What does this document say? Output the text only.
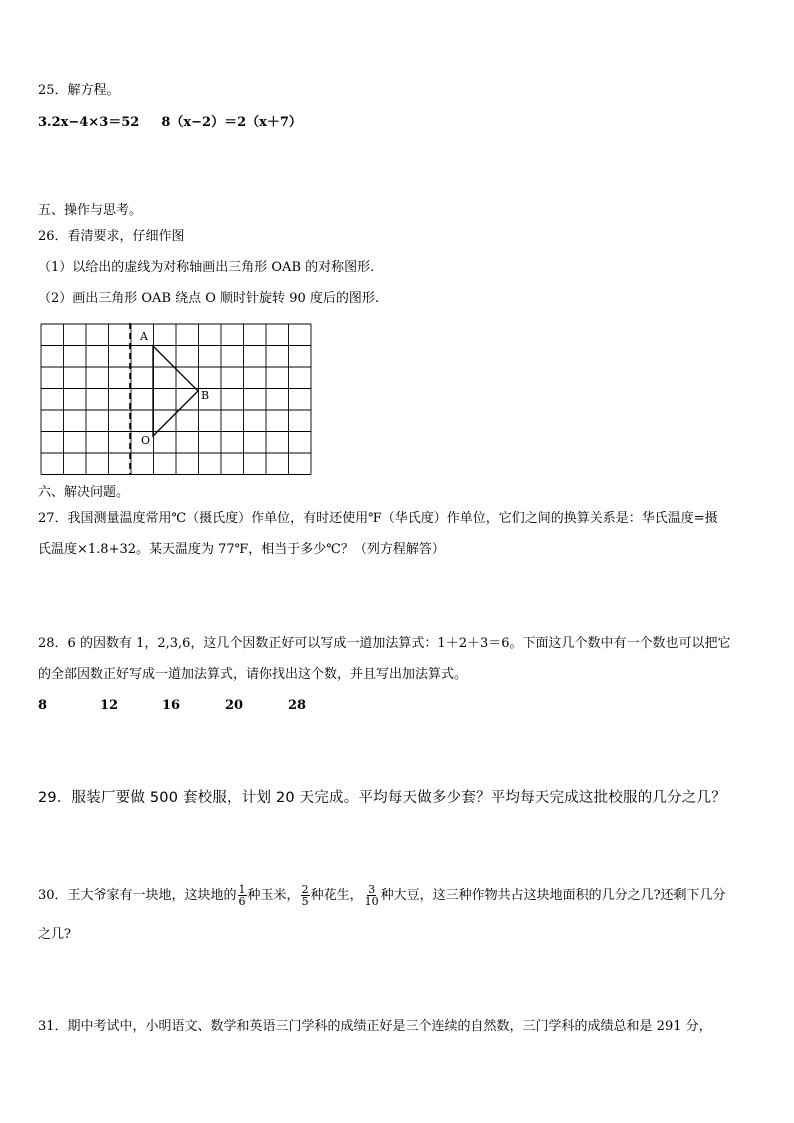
25．解方程。
3.2x−4×3＝52 8（x−2）＝2（x＋7）
五、操作与思考。
26．看清要求，仔细作图
（1）以给出的虚线为对称轴画出三角形 OAB 的对称图形.
（2）画出三角形 OAB 绕点 O 顺时针旋转 90 度后的图形.
A
B
O
六、解决问题。
27．我国测量温度常用℃（摄氏度）作单位，有时还使用℉（华氏度）作单位，它们之间的换算关系是：华氏温度=摄
氏温度×1.8+32。某天温度为 77℉，相当于多少℃？（列方程解答）
28．6 的因数有 1，2,3,6，这几个因数正好可以写成一道加法算式：1＋2＋3＝6。下面这几个数中有一个数也可以把它
的全部因数正好写成一道加法算式，请你找出这个数，并且写出加法算式。
8	12	16	20	28
29．服装厂要做 500 套校服，计划 20 天完成。平均每天做多少套？平均每天完成这批校服的几分之几？
30．王大爷家有一块地，这块地的 $\frac{1}{6}$ 种玉米， $\frac{2}{5}$ 种花生， $\frac{3}{10}$ 种大豆，这三种作物共占这块地面积的几分之几?还剩下几分
之几?
31．期中考试中，小明语文、数学和英语三门学科的成绩正好是三个连续的自然数，三门学科的成绩总和是 291 分，
